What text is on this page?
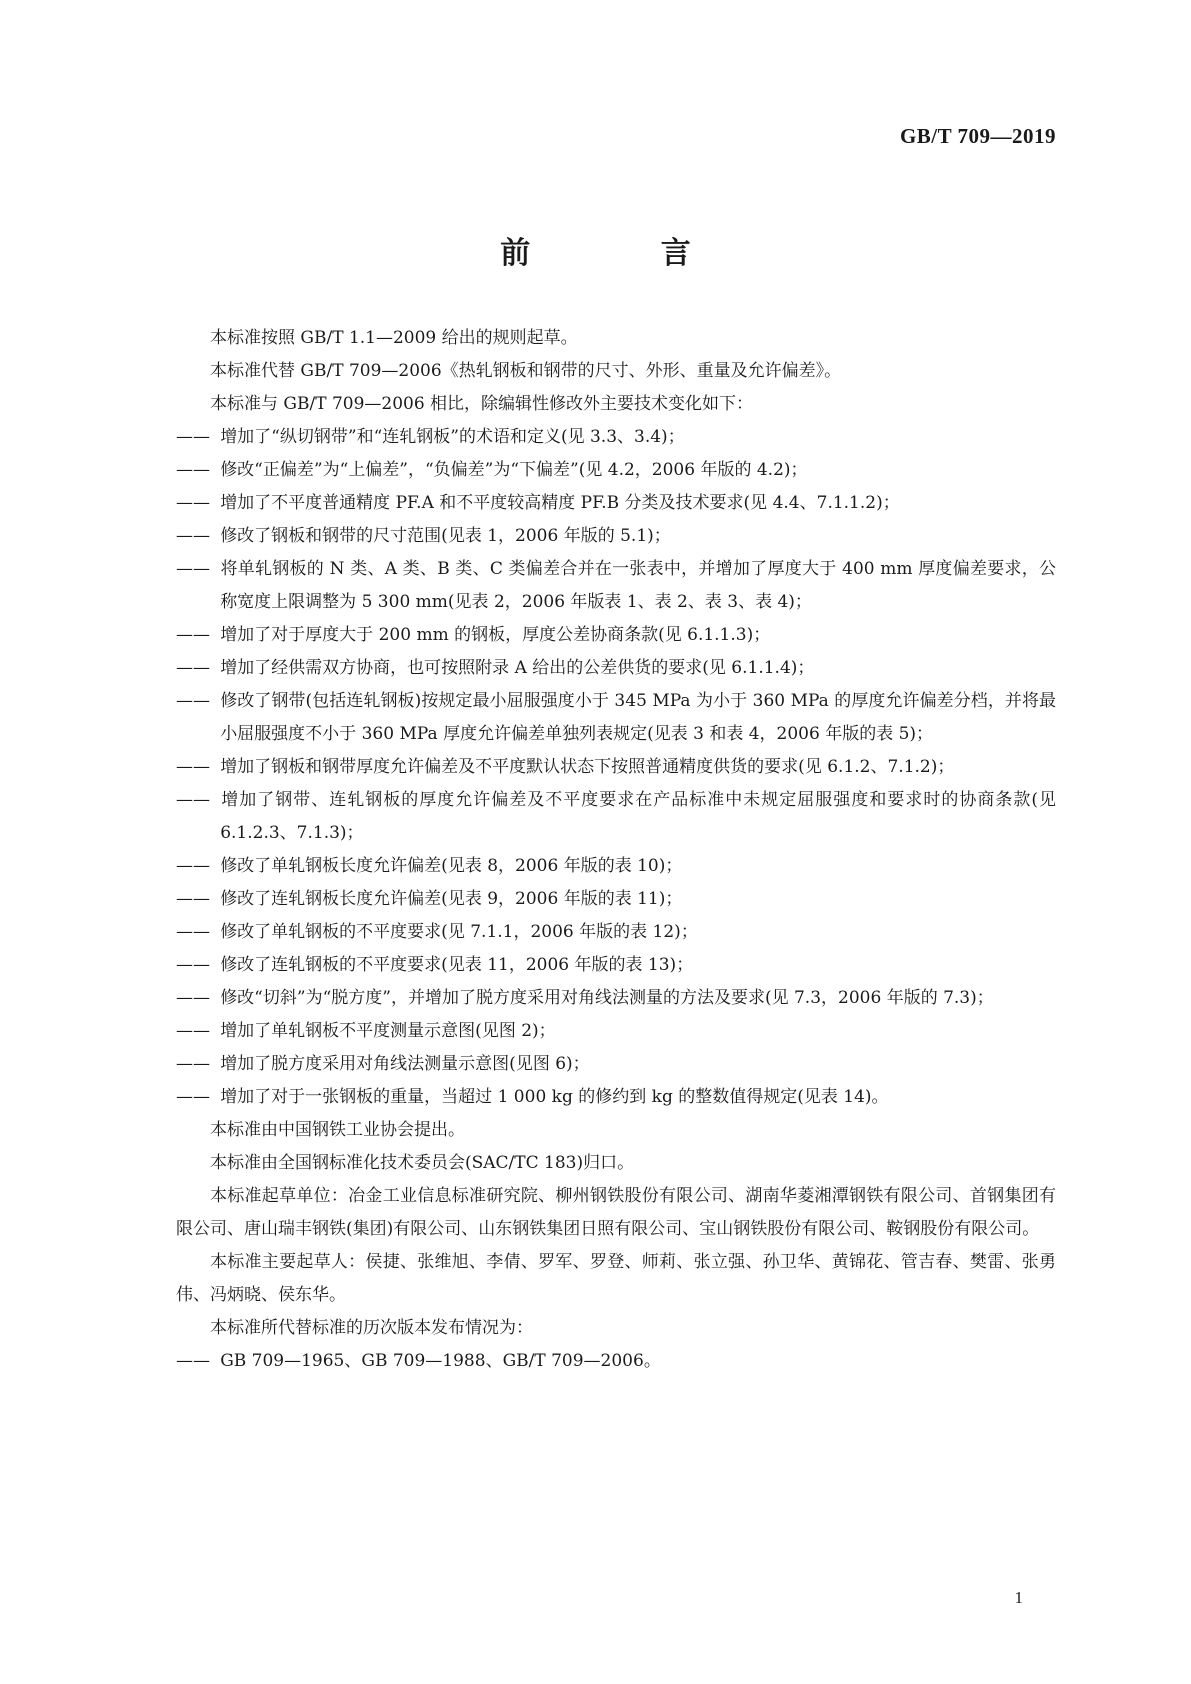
GB/T 709—2019
前 言

本标准按照 GB/T 1.1—2009 给出的规则起草。

本标准代替 GB/T 709—2006《热轧钢板和钢带的尺寸、外形、重量及允许偏差》。

本标准与 GB/T 709—2006 相比，除编辑性修改外主要技术变化如下：

—— 增加了“纵切钢带”和“连轧钢板”的术语和定义(见 3.3、3.4)；

—— 修改“正偏差”为“上偏差”，“负偏差”为“下偏差”(见 4.2，2006 年版的 4.2)；

—— 增加了不平度普通精度 PF.A 和不平度较高精度 PF.B 分类及技术要求(见 4.4、7.1.1.2)；

—— 修改了钢板和钢带的尺寸范围(见表 1，2006 年版的 5.1)；

—— 将单轧钢板的 N 类、A 类、B 类、C 类偏差合并在一张表中，并增加了厚度大于 400 mm 厚度偏差要求，公称宽度上限调整为 5 300 mm(见表 2，2006 年版表 1、表 2、表 3、表 4)；

—— 增加了对于厚度大于 200 mm 的钢板，厚度公差协商条款(见 6.1.1.3)；

—— 增加了经供需双方协商，也可按照附录 A 给出的公差供货的要求(见 6.1.1.4)；

—— 修改了钢带(包括连轧钢板)按规定最小屈服强度小于 345 MPa 为小于 360 MPa 的厚度允许偏差分档，并将最小屈服强度不小于 360 MPa 厚度允许偏差单独列表规定(见表 3 和表 4，2006 年版的表 5)；

—— 增加了钢板和钢带厚度允许偏差及不平度默认状态下按照普通精度供货的要求(见 6.1.2、7.1.2)；

—— 增加了钢带、连轧钢板的厚度允许偏差及不平度要求在产品标准中未规定屈服强度和要求时的协商条款(见 6.1.2.3、7.1.3)；

—— 修改了单轧钢板长度允许偏差(见表 8，2006 年版的表 10)；

—— 修改了连轧钢板长度允许偏差(见表 9，2006 年版的表 11)；

—— 修改了单轧钢板的不平度要求(见 7.1.1，2006 年版的表 12)；

—— 修改了连轧钢板的不平度要求(见表 11，2006 年版的表 13)；

—— 修改“切斜”为“脱方度”，并增加了脱方度采用对角线法测量的方法及要求(见 7.3，2006 年版的 7.3)；

—— 增加了单轧钢板不平度测量示意图(见图 2)；

—— 增加了脱方度采用对角线法测量示意图(见图 6)；

—— 增加了对于一张钢板的重量，当超过 1 000 kg 的修约到 kg 的整数值得规定(见表 14)。

本标准由中国钢铁工业协会提出。

本标准由全国钢标准化技术委员会(SAC/TC 183)归口。

本标准起草单位：冶金工业信息标准研究院、柳州钢铁股份有限公司、湖南华菱湘潭钢铁有限公司、首钢集团有限公司、唐山瑞丰钢铁(集团)有限公司、山东钢铁集团日照有限公司、宝山钢铁股份有限公司、鞍钢股份有限公司。

本标准主要起草人：侯捷、张维旭、李倩、罗军、罗登、师莉、张立强、孙卫华、黄锦花、管吉春、樊雷、张勇伟、冯炳晓、侯东华。

本标准所代替标准的历次版本发布情况为：

—— GB 709—1965、GB 709—1988、GB/T 709—2006。

1
